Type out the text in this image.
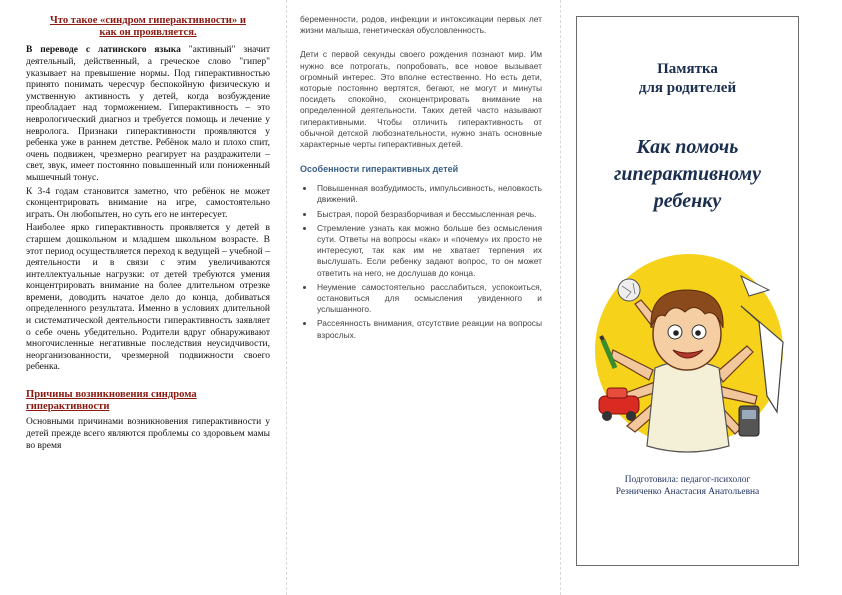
Что такое «синдром гиперактивности» и
как он проявляется.

В переводе с латинского языка "активный" значит деятельный, действенный, а греческое слово "гипер" указывает на превышение нормы. Под гиперактивностью принято понимать чересчур беспокойную физическую и умственную активность у детей, когда возбуждение преобладает над торможением. Гиперактивность – это неврологический диагноз и требуется помощь и лечение у невролога. Признаки гиперактивности проявляются у ребенка уже в раннем детстве. Ребёнок мало и плохо спит, очень подвижен, чрезмерно реагирует на раздражители – свет, звук, имеет постоянно повышенный или пониженный мышечный тонус.

К 3-4 годам становится заметно, что ребёнок не может сконцентрировать внимание на игре, самостоятельно играть. Он любопытен, но суть его не интересует.

Наиболее ярко гиперактивность проявляется у детей в старшем дошкольном и младшем школьном возрасте. В этот период осуществляется переход к ведущей – учебной – деятельности и в связи с этим увеличиваются интеллектуальные нагрузки: от детей требуются умения концентрировать внимание на более длительном отрезке времени, доводить начатое дело до конца, добиваться определенного результата. Именно в условиях длительной и систематической деятельности гиперактивность заявляет о себе очень убедительно. Родители вдруг обнаруживают многочисленные негативные последствия неусидчивости, неорганизованности, чрезмерной подвижности своего ребенка.

Причины возникновения синдрома
гиперактивности

Основными причинами возникновения гиперактивности у детей прежде всего являются проблемы со здоровьем мамы во время

беременности, родов, инфекции и интоксикации первых лет жизни малыша, генетическая обусловленность.

Дети с первой секунды своего рождения познают мир. Им нужно все потрогать, попробовать, все новое вызывает огромный интерес. Это вполне естественно. Но есть дети, которые постоянно вертятся, бегают, не могут и минуты посидеть спокойно, сконцентрировать внимание на определенной деятельности. Таких детей часто называют гиперактивными. Чтобы отличить гиперактивность от обычной детской любознательности, нужно знать основные характерные черты гиперактивных детей.

Особенности гиперактивных детей

• Повышенная возбудимость, импульсивность, неловкость движений.
• Быстрая, порой безразборчивая и бессмысленная речь.
• Стремление узнать как можно больше без осмысления сути. Ответы на вопросы «как» и «почему» их просто не интересуют, так как им не хватает терпения их выслушать. Если ребенку задают вопрос, то он может ответить на него, не дослушав до конца.
• Неумение самостоятельно расслабиться, успокоиться, остановиться для осмысления увиденного и услышанного.
• Рассеянность внимания, отсутствие реакции на вопросы взрослых.
Памятка
для родителей
Как помочь
гиперактивному
ребенку
Подготовила: педагог-психолог
Резниченко Анастасия Анатольевна
